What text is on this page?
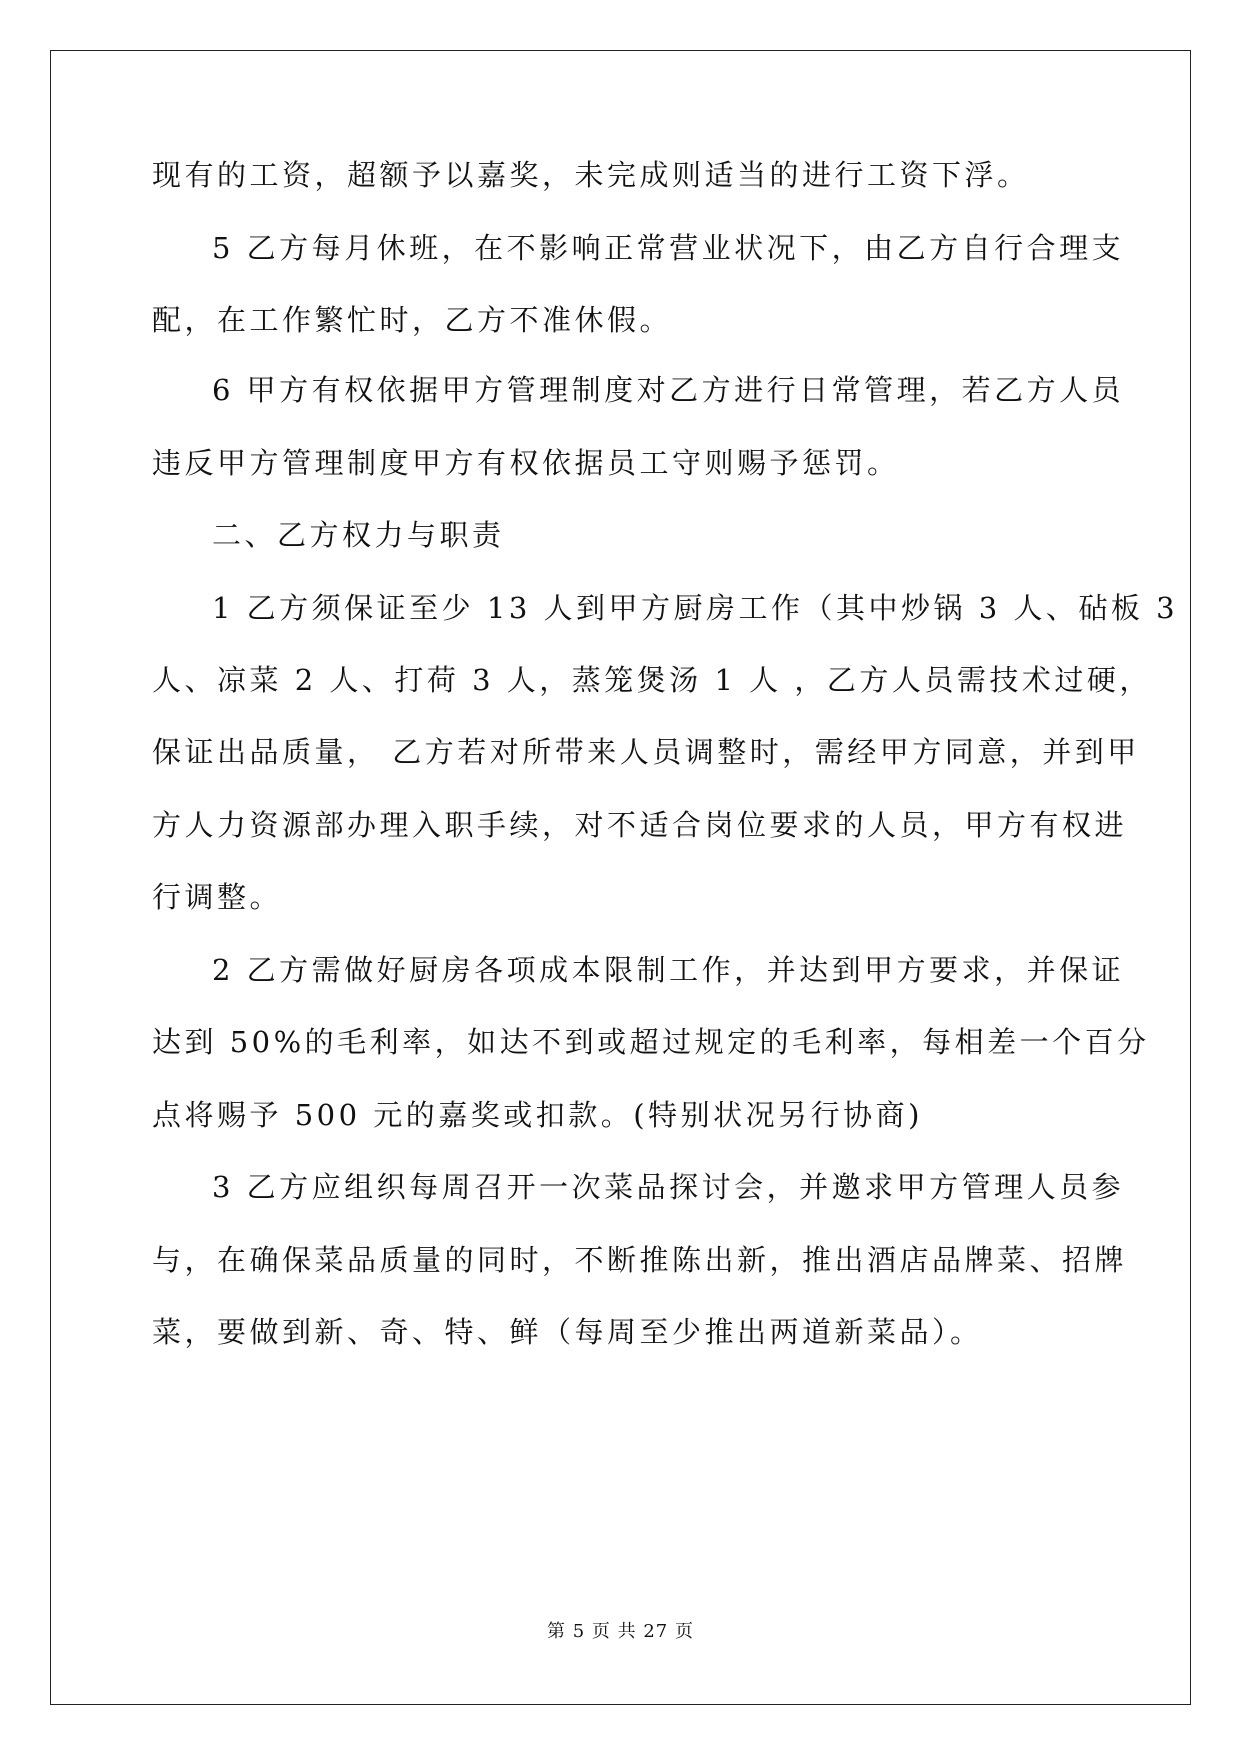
现有的工资，超额予以嘉奖，未完成则适当的进行工资下浮。
5 乙方每月休班，在不影响正常营业状况下，由乙方自行合理支
配，在工作繁忙时，乙方不准休假。
6 甲方有权依据甲方管理制度对乙方进行日常管理，若乙方人员
违反甲方管理制度甲方有权依据员工守则赐予惩罚。
二、乙方权力与职责
1 乙方须保证至少 13 人到甲方厨房工作（其中炒锅 3 人、砧板 3
人、凉菜 2 人、打荷 3 人，蒸笼煲汤 1 人 ，乙方人员需技术过硬，
保证出品质量， 乙方若对所带来人员调整时，需经甲方同意，并到甲
方人力资源部办理入职手续，对不适合岗位要求的人员，甲方有权进
行调整。
2 乙方需做好厨房各项成本限制工作，并达到甲方要求，并保证
达到 50%的毛利率，如达不到或超过规定的毛利率，每相差一个百分
点将赐予 500 元的嘉奖或扣款。(特别状况另行协商)
3 乙方应组织每周召开一次菜品探讨会，并邀求甲方管理人员参
与，在确保菜品质量的同时，不断推陈出新，推出酒店品牌菜、招牌
菜，要做到新、奇、特、鲜（每周至少推出两道新菜品）。
第 5 页 共 27 页
